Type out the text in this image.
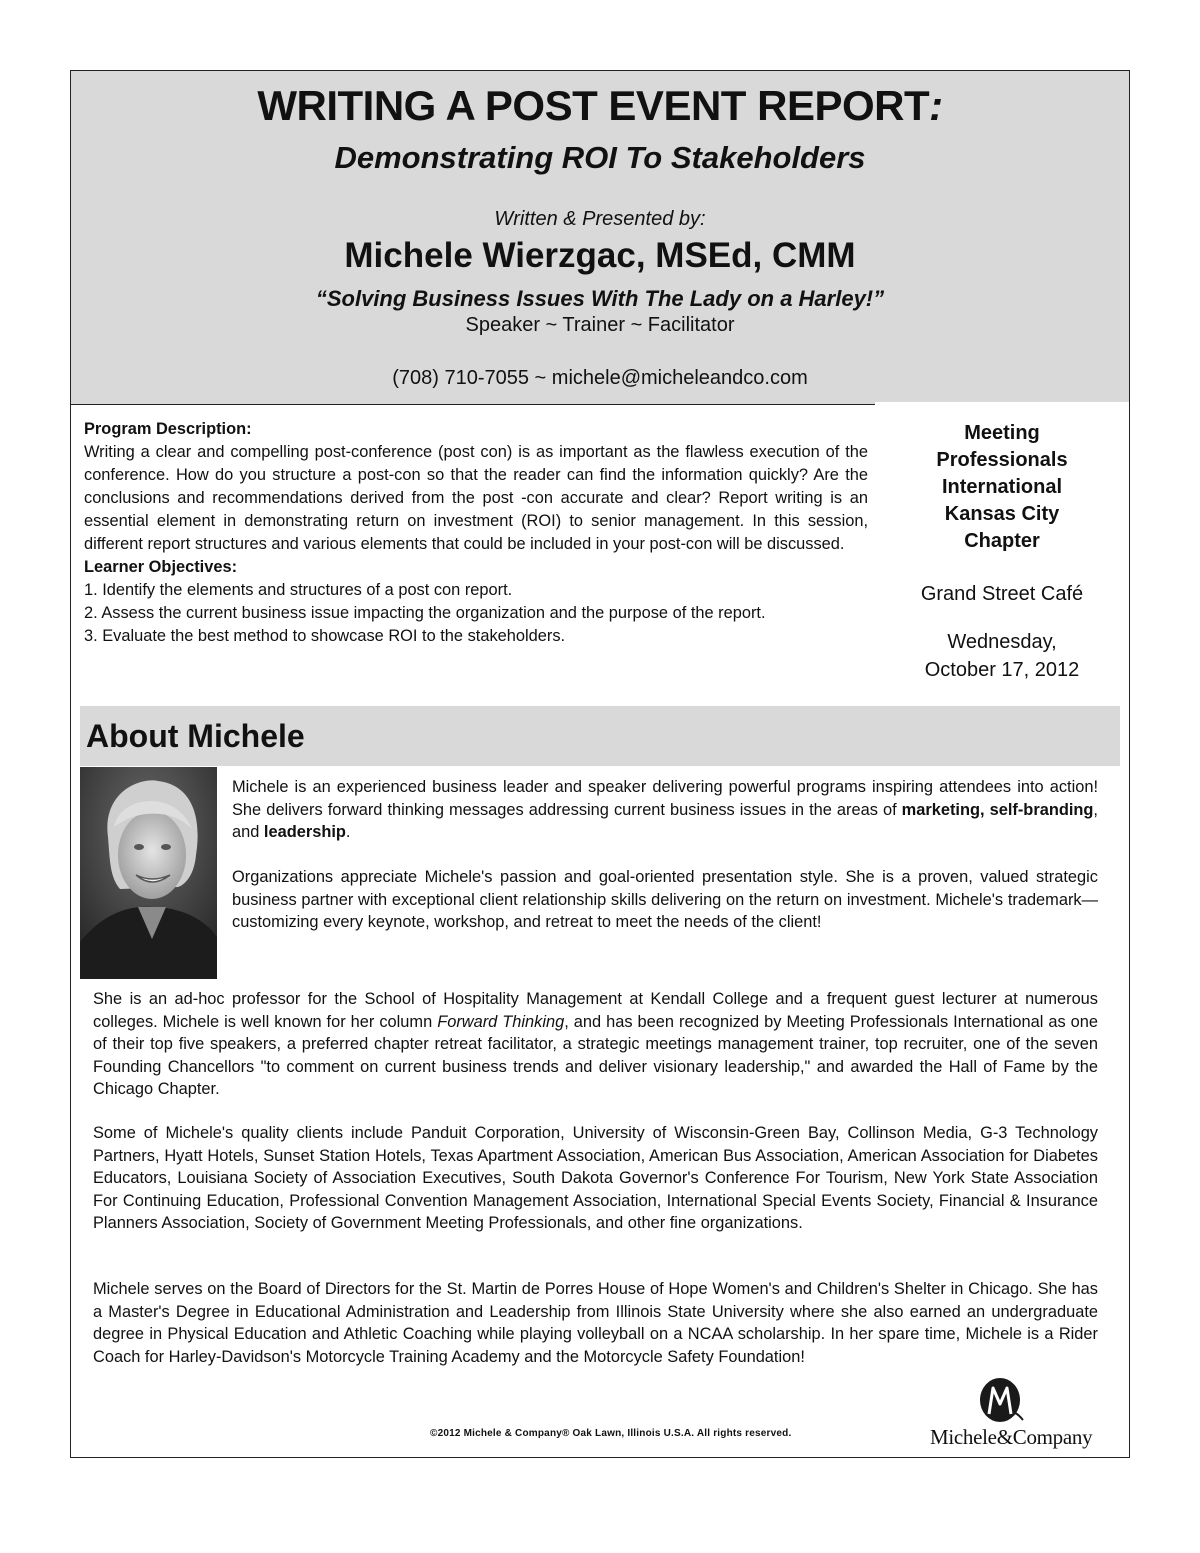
WRITING A POST EVENT REPORT:
Demonstrating ROI To Stakeholders
Written & Presented by:
Michele Wierzgac, MSEd, CMM
“Solving Business Issues With The Lady on a Harley!”
Speaker ~ Trainer ~ Facilitator
(708) 710-7055 ~ michele@micheleandco.com
Program Description:

Writing a clear and compelling post-conference (post con) is as important as the flawless execution of the conference. How do you structure a post-con so that the reader can find the information quickly? Are the conclusions and recommendations derived from the post -con accurate and clear? Report writing is an essential element in demonstrating return on investment (ROI) to senior management. In this session, different report structures and various elements that could be included in your post-con will be discussed.

Learner Objectives:

1. Identify the elements and structures of a post con report.

2. Assess the current business issue impacting the organization and the purpose of the report.

3. Evaluate the best method to showcase ROI to the stakeholders.

Meeting
Professionals
International
Kansas City
Chapter
Grand Street Café
Wednesday,
October 17, 2012
About Michele
Michele is an experienced business leader and speaker delivering powerful programs inspiring attendees into action! She delivers forward thinking messages addressing current business issues in the areas of marketing, self-branding, and leadership.
Organizations appreciate Michele's passion and goal-oriented presentation style. She is a proven, valued strategic business partner with exceptional client relationship skills delivering on the return on investment. Michele's trademark—customizing every keynote, workshop, and retreat to meet the needs of the client!
She is an ad-hoc professor for the School of Hospitality Management at Kendall College and a frequent guest lecturer at numerous colleges. Michele is well known for her column Forward Thinking, and has been recognized by Meeting Professionals International as one of their top five speakers, a preferred chapter retreat facilitator, a strategic meetings management trainer, top recruiter, one of the seven Founding Chancellors "to comment on current business trends and deliver visionary leadership," and awarded the Hall of Fame by the Chicago Chapter.
Some of Michele's quality clients include Panduit Corporation, University of Wisconsin-Green Bay, Collinson Media, G-3 Technology Partners, Hyatt Hotels, Sunset Station Hotels, Texas Apartment Association, American Bus Association, American Association for Diabetes Educators, Louisiana Society of Association Executives, South Dakota Governor's Conference For Tourism, New York State Association For Continuing Education, Professional Convention Management Association, International Special Events Society, Financial & Insurance Planners Association, Society of Government Meeting Professionals, and other fine organizations.
Michele serves on the Board of Directors for the St. Martin de Porres House of Hope Women's and Children's Shelter in Chicago. She has a Master's Degree in Educational Administration and Leadership from Illinois State University where she also earned an undergraduate degree in Physical Education and Athletic Coaching while playing volleyball on a NCAA scholarship. In her spare time, Michele is a Rider Coach for Harley-Davidson's Motorcycle Training Academy and the Motorcycle Safety Foundation!
©2012 Michele & Company® Oak Lawn, Illinois U.S.A. All rights reserved.	Michele&Company
